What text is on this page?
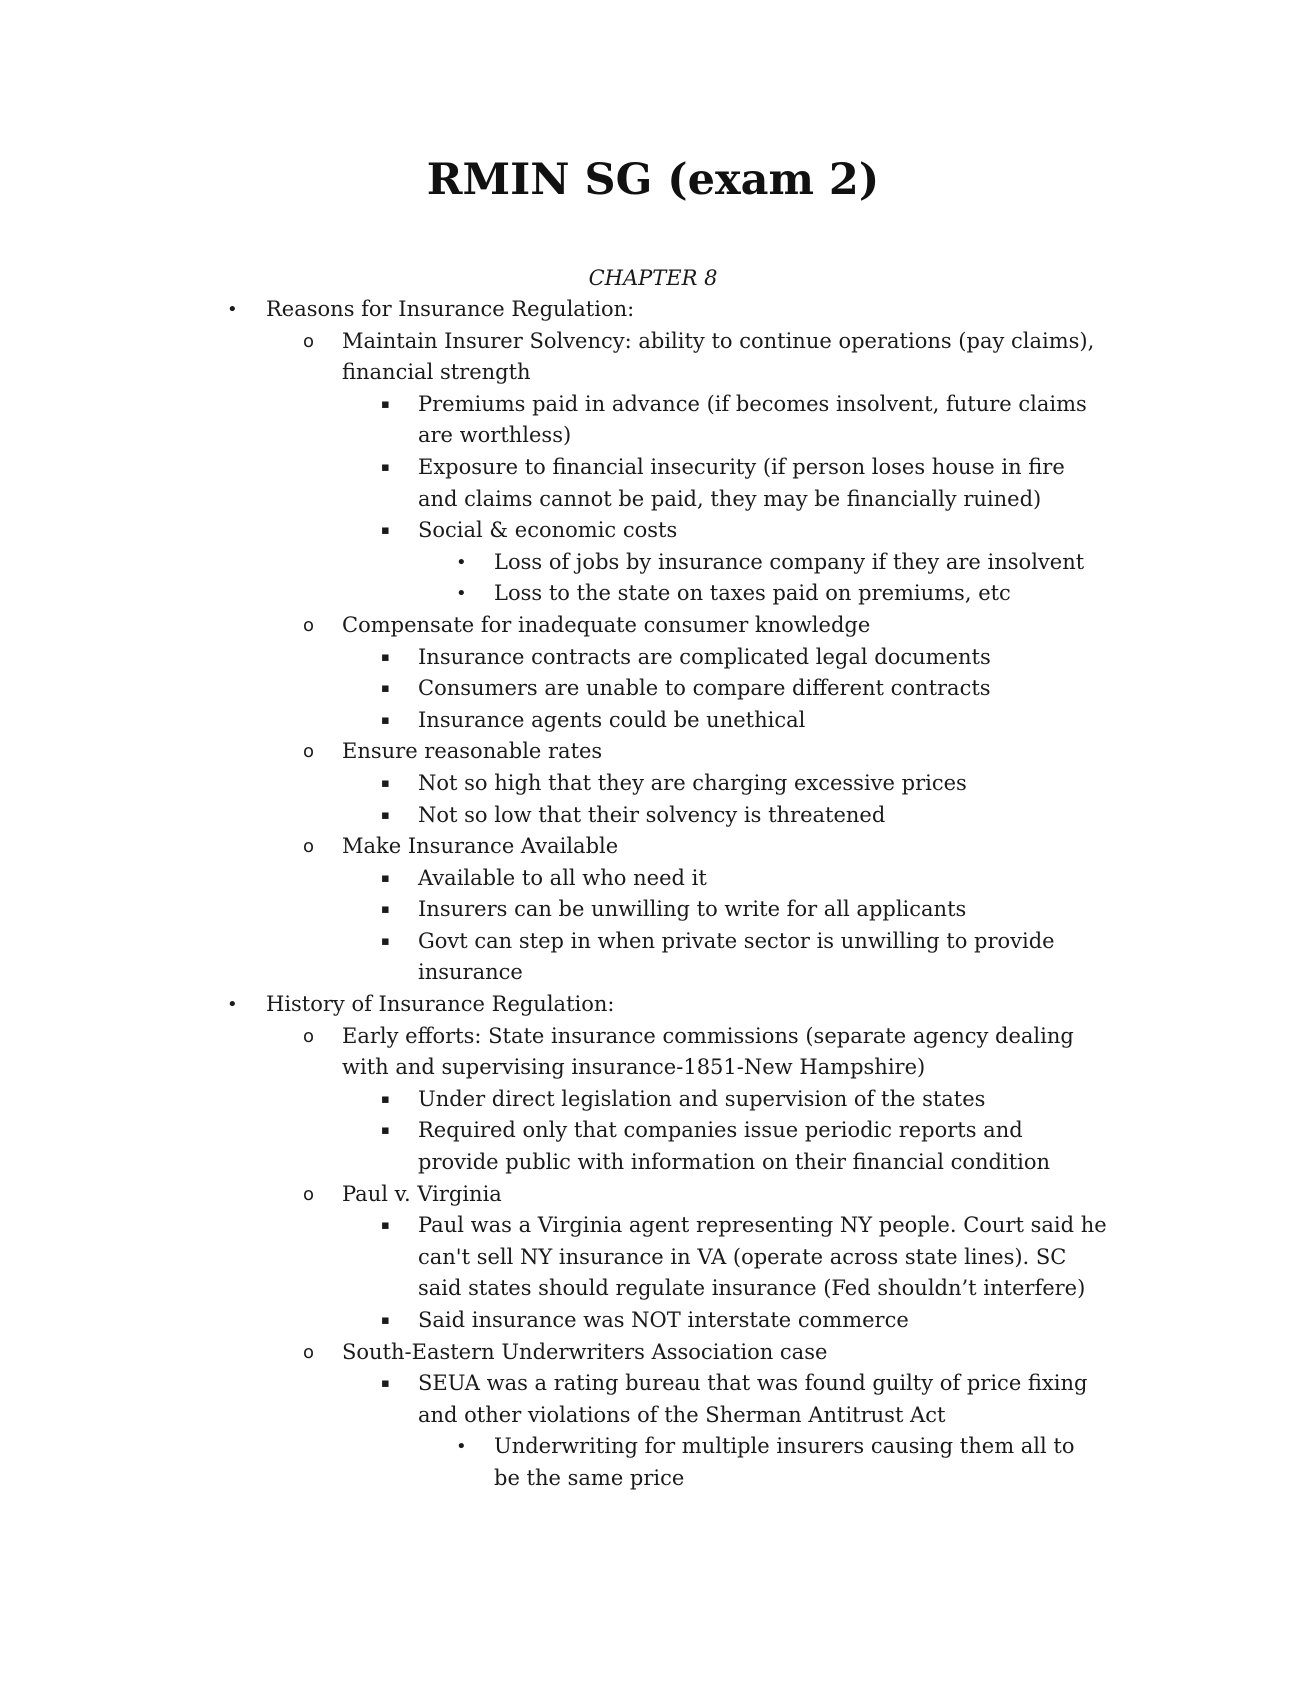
RMIN SG (exam 2)
CHAPTER 8
• Reasons for Insurance Regulation:
o Maintain Insurer Solvency: ability to continue operations (pay claims),
financial strength
▪ Premiums paid in advance (if becomes insolvent, future claims
are worthless)
▪ Exposure to financial insecurity (if person loses house in fire
and claims cannot be paid, they may be financially ruined)
▪ Social & economic costs
• Loss of jobs by insurance company if they are insolvent
• Loss to the state on taxes paid on premiums, etc
o Compensate for inadequate consumer knowledge
▪ Insurance contracts are complicated legal documents
▪ Consumers are unable to compare different contracts
▪ Insurance agents could be unethical
o Ensure reasonable rates
▪ Not so high that they are charging excessive prices
▪ Not so low that their solvency is threatened
o Make Insurance Available
▪ Available to all who need it
▪ Insurers can be unwilling to write for all applicants
▪ Govt can step in when private sector is unwilling to provide
insurance
• History of Insurance Regulation:
o Early efforts: State insurance commissions (separate agency dealing
with and supervising insurance-1851-New Hampshire)
▪ Under direct legislation and supervision of the states
▪ Required only that companies issue periodic reports and
provide public with information on their financial condition
o Paul v. Virginia
▪ Paul was a Virginia agent representing NY people. Court said he
can't sell NY insurance in VA (operate across state lines). SC
said states should regulate insurance (Fed shouldn’t interfere)
▪ Said insurance was NOT interstate commerce
o South-Eastern Underwriters Association case
▪ SEUA was a rating bureau that was found guilty of price fixing
and other violations of the Sherman Antitrust Act
• Underwriting for multiple insurers causing them all to
be the same price
